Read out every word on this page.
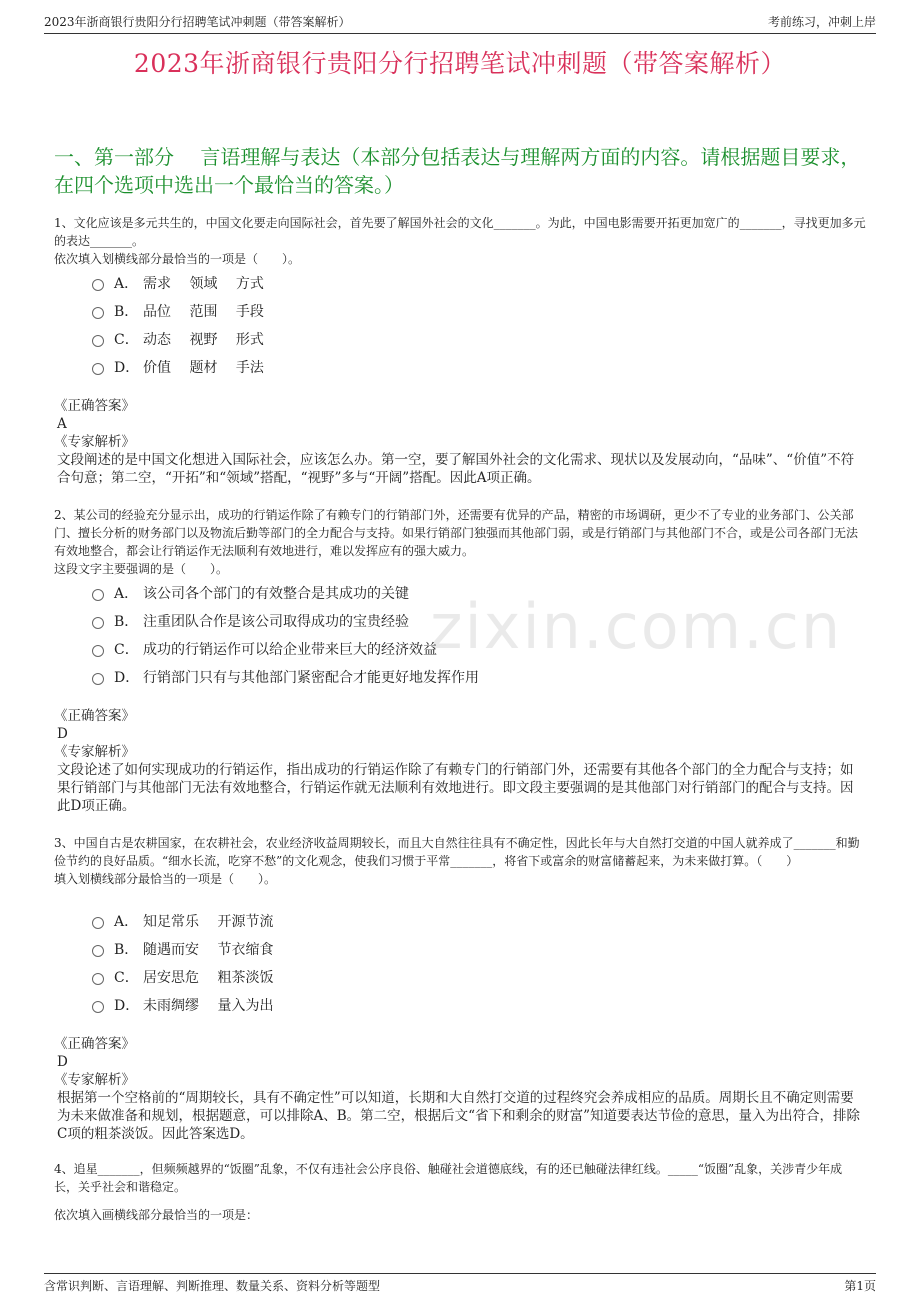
2023年浙商银行贵阳分行招聘笔试冲刺题（带答案解析）	考前练习，冲刺上岸
2023年浙商银行贵阳分行招聘笔试冲刺题（带答案解析）
一、第一部分　 言语理解与表达（本部分包括表达与理解两方面的内容。请根据题目要求，在四个选项中选出一个最恰当的答案。）
zixin.com.cn

1、文化应该是多元共生的，中国文化要走向国际社会，首先要了解国外社会的文化_______。为此，中国电影需要开拓更加宽广的_______，寻找更加多元的表达_______。

依次填入划横线部分最恰当的一项是（　　）。

A． 需求　 领域　 方式
B． 品位　 范围　 手段
C． 动态　 视野　 形式
D． 价值　 题材　 手法

《正确答案》

A

《专家解析》

文段阐述的是中国文化想进入国际社会，应该怎么办。第一空，要了解国外社会的文化需求、现状以及发展动向，“品味”、“价值”不符合句意；第二空，“开拓”和“领域”搭配，“视野”多与“开阔”搭配。因此A项正确。

2、某公司的经验充分显示出，成功的行销运作除了有赖专门的行销部门外，还需要有优异的产品，精密的市场调研，更少不了专业的业务部门、公关部门、擅长分析的财务部门以及物流后勤等部门的全力配合与支持。如果行销部门独强而其他部门弱，或是行销部门与其他部门不合，或是公司各部门无法有效地整合，都会让行销运作无法顺利有效地进行，难以发挥应有的强大威力。

这段文字主要强调的是（　　）。

A． 该公司各个部门的有效整合是其成功的关键
B． 注重团队合作是该公司取得成功的宝贵经验
C． 成功的行销运作可以给企业带来巨大的经济效益
D． 行销部门只有与其他部门紧密配合才能更好地发挥作用

《正确答案》

D

《专家解析》

文段论述了如何实现成功的行销运作，指出成功的行销运作除了有赖专门的行销部门外，还需要有其他各个部门的全力配合与支持；如果行销部门与其他部门无法有效地整合，行销运作就无法顺利有效地进行。即文段主要强调的是其他部门对行销部门的配合与支持。因此D项正确。

3、中国自古是农耕国家，在农耕社会，农业经济收益周期较长，而且大自然往往具有不确定性，因此长年与大自然打交道的中国人就养成了_______和勤俭节约的良好品质。“细水长流，吃穿不愁”的文化观念，使我们习惯于平常_______，将省下或富余的财富储蓄起来，为未来做打算。（　　）

填入划横线部分最恰当的一项是（　　）。

A． 知足常乐　 开源节流
B． 随遇而安　 节衣缩食
C． 居安思危　 粗茶淡饭
D． 未雨绸缪　 量入为出

《正确答案》

D

《专家解析》

根据第一个空格前的“周期较长，具有不确定性”可以知道，长期和大自然打交道的过程终究会养成相应的品质。周期长且不确定则需要为未来做准备和规划，根据题意，可以排除A、B。第二空，根据后文“省下和剩余的财富”知道要表达节俭的意思，量入为出符合，排除C项的粗茶淡饭。因此答案选D。

4、追星_______，但频频越界的“饭圈”乱象，不仅有违社会公序良俗、触碰社会道德底线，有的还已触碰法律红线。_____“饭圈”乱象，关涉青少年成长，关乎社会和谐稳定。

依次填入画横线部分最恰当的一项是：

含常识判断、言语理解、判断推理、数量关系、资料分析等题型	第1页
